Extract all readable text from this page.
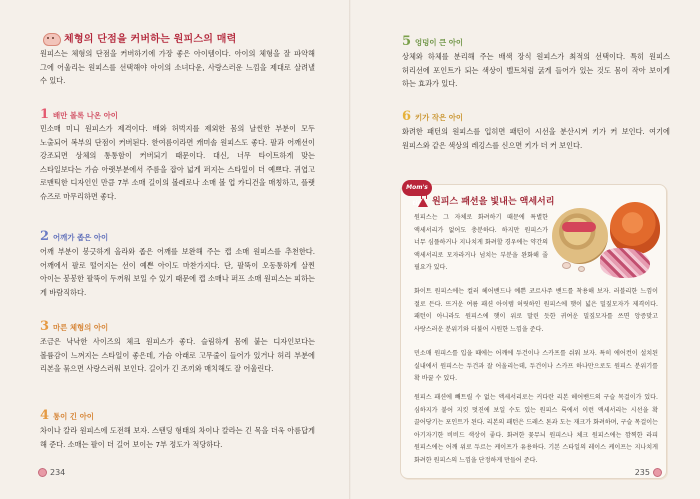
체형의 단점을 커버하는 원피스의 매력

원피스는 체형의 단점을 커버하기에 가장 좋은 아이템이다. 아이의 체형을 잘 파악해 그에 어울리는 원피스를 선택해야 아이의 소녀다운, 사랑스러운 느낌을 제대로 살려낼 수 있다.

1 배만 볼록 나온 아이

민소매 미니 원피스가 제격이다. 배와 허벅지를 제외한 몸의 날씬한 부분이 모두 노출되어 복부의 단점이 커버된다. 한여름이라면 캐미솔 원피스도 좋다. 팔과 어깨선이 강조되면 상체의 통통함이 커버되기 때문이다. 대신, 너무 타이트하게 맞는 스타일보다는 가슴 아랫부분에서 주름을 잡아 넓게 퍼지는 스타일이 더 예쁘다. 귀엽고 로맨틱한 디자인인 만큼 7부 소매 길이의 볼레로나 소매 볼 업 카디건을 매칭하고, 플랫 슈즈로 마무리하면 좋다.

2 어깨가 좁은 아이

어깨 부분이 봉긋하게 올라와 좁은 어깨를 보완해 주는 캡 소매 원피스를 추천한다. 어깨에서 팔로 떨어지는 선이 예쁜 아이도 마찬가지다. 단, 팔뚝이 오동통하게 살찐 아이는 봉봉한 팔뚝이 두꺼워 보일 수 있기 때문에 캡 소매나 퍼프 소매 원피스는 피하는 게 바람직하다.

3 마른 체형의 아이

조금은 낙낙한 사이즈의 체크 원피스가 좋다. 슬림하게 몸에 붙는 디자인보다는 볼륨감이 느껴지는 스타일이 좋은데, 가슴 아래로 고무줄이 들어가 있거나 허리 부분에 리본을 묶으면 사랑스러워 보인다. 길이가 긴 조끼와 매치해도 잘 어울린다.

4 통이 긴 아이

차이나 칼라 원피스에 도전해 보자. 스탠딩 형태의 차이나 칼라는 긴 목을 더욱 아름답게 해 준다. 소매는 팔이 더 길어 보이는 7부 정도가 적당하다.

234
5 엉덩이 큰 아이

상체와 하체를 분리해 주는 배색 장식 원피스가 최적의 선택이다. 특히 원피스 허리선에 포인트가 되는 색상이 벨트처럼 굵게 들어가 있는 것도 몸이 작아 보이게 하는 효과가 있다.

6 키가 작은 아이

화려한 패턴의 원피스를 입히면 패턴이 시선을 분산시켜 키가 커 보인다. 여기에 원피스와 같은 색상의 레깅스를 신으면 키가 더 커 보인다.

Mom's tip	원피스 패션을 빛내는 액세서리

원피스는 그 자체로 화려하기 때문에 특별한 액세서리가 없어도 충분하다. 하지만 원피스가 너무 심플하거나 지나치게 화려할 경우에는 약간의 액세서리로 모자라거나 넘치는 부분을 완화해 줄 필요가 있다.

화이트 원피스에는 컬러 헤어밴드나 예쁜 코르사주 밴드를 착용해 보자. 러블리한 느낌이 절로 든다. 뜨거운 여름 패션 아이템 허릿하인 원피스에 햇이 넓은 밀짚모자가 제격이다. 패턴이 아니라도 원피스에 햇이 위로 말린 듯한 귀여운 밀짚모자를 쓰면 앙증맞고 사랑스러운 분위기와 더불어 시원한 느낌을 준다.

민소매 원피스를 입을 때에는 어깨에 두건이나 스카프를 쉬워 보자. 특히 에어컨이 설치된 실내에서 원피스는 두건과 잘 어울리는데, 두건이나 스카프 하나만으로도 원피스 분위기를 확 바꿀 수 있다.

원피스 패션에 빼트릴 수 없는 액세서리로는 커다란 리본 헤어밴드의 구슬 목걸이가 있다. 심하지가 붙어 지킷 멋진에 보일 수도 있는 원피스 룩에서 이런 액세서리는 시선을 확 끌어당기는 포인트가 된다. 리본의 패턴은 드레스 톤과 도는 재크가 화려하며, 구슬 목걸이는 아기자기한 비비드 색상이 좋다. 화려한 꽃무늬 원피스나 체크 원피스에는 깜찍한 라피 원피스에는 어깨 위로 두르는 케이프가 유용하다. 기본 스타일의 레이스 케이프는 지나치게 화려한 원피스의 느낌을 단정하게 만들어 준다.

235
